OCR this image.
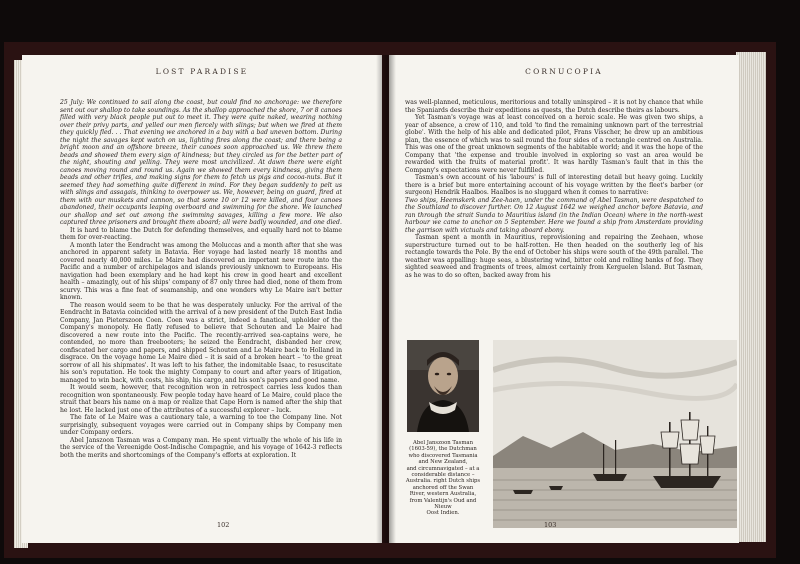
LOST PARADISE

25 July: We continued to sail along the coast, but could find no anchorage: we therefore sent out our shallop to take soundings. As the shallop approached the shore, 7 or 8 canoes filled with very black people put out to meet it. They were quite naked, wearing nothing over their privy parts, and yelled our men fiercely with slings; but when we fired at them they quickly fled. . . That evening we anchored in a bay with a bad uneven bottom. During the night the savages kept watch on us, lighting fires along the coast; and there being a bright moon and an offshore breeze, their canoes soon approached us. We threw them beads and showed them every sign of kindness; but they circled us for the better part of the night, shouting and yelling. They were most uncivilized. At dawn there were eight canoes moving round and round us. Again we showed them every kindness, giving them beads and other trifles, and making signs for them to fetch us pigs and cocoa-nuts. But it seemed they had something quite different in mind. For they began suddenly to pelt us with slings and assagais, thinking to overpower us. We, however, being on guard, fired at them with our muskets and cannon, so that some 10 or 12 were killed, and four canoes abandoned, their occupants leaping overboard and swimming for the shore. We launched our shallop and set out among the swimming savages, killing a few more. We also captured three prisoners and brought them aboard; all were badly wounded, and one died.

It is hard to blame the Dutch for defending themselves, and equally hard not to blame them for over-reacting.

A month later the Eendracht was among the Moluccas and a month after that she was anchored in apparent safety in Batavia. Her voyage had lasted nearly 18 months and covered nearly 40,000 miles. Le Maire had discovered an important new route into the Pacific and a number of archipelagos and islands previously unknown to Europeans. His navigation had been exemplary and he had kept his crew in good heart and excellent health – amazingly, out of his ships' company of 87 only three had died, none of them from scurvy. This was a fine feat of seamanship, and one wonders why Le Maire isn't better known.

The reason would seem to be that he was desperately unlucky. For the arrival of the Eendracht in Batavia coincided with the arrival of a new president of the Dutch East India Company, Jan Pieterszoon Coen. Coen was a strict, indeed a fanatical, upholder of the Company's monopoly. He flatly refused to believe that Schouten and Le Maire had discovered a new route into the Pacific. The recently-arrived sea-captains were, he contended, no more than freebooters; he seized the Eendracht, disbanded her crew, confiscated her cargo and papers, and shipped Schouten and Le Maire back to Holland in disgrace. On the voyage home Le Maire died – it is said of a broken heart – 'to the great sorrow of all his shipmates'. It was left to his father, the indomitable Isaac, to resuscitate his son's reputation. He took the mighty Company to court and after years of litigation, managed to win back, with costs, his ship, his cargo, and his son's papers and good name.

It would seem, however, that recognition won in retrospect carries less kudos than recognition won spontaneously. Few people today have heard of Le Maire, could place the strait that bears his name on a map or realize that Cape Horn is named after the ship that he lost. He lacked just one of the attributes of a successful explorer – luck.

The fate of Le Maire was a cautionary tale, a warning to toe the Company line. Not surprisingly, subsequent voyages were carried out in Company ships by Company men under Company orders.

Abel Janszoon Tasman was a Company man. He spent virtually the whole of his life in the service of the Vereenigde Oost-Indische Compagnie, and his voyage of 1642-3 reflects both the merits and shortcomings of the Company's efforts at exploration. It

102
CORNUCOPIA

was well-planned, meticulous, meritorious and totally uninspired – it is not by chance that while the Spaniards describe their expeditions as quests, the Dutch describe theirs as labours.

Yet Tasman's voyage was at least conceived on a heroic scale. He was given two ships, a year of absence, a crew of 110, and told 'to find the remaining unknown part of the terrestrial globe'. With the help of his able and dedicated pilot, Frans Visscher, he drew up an ambitious plan, the essence of which was to sail round the four sides of a rectangle centred on Australia. This was one of the great unknown segments of the habitable world; and it was the hope of the Company that 'the expense and trouble involved in exploring so vast an area would be rewarded with the fruits of material profit'. It was hardly Tasman's fault that in this the Company's expectations were never fulfilled.

Tasman's own account of his 'labours' is full of interesting detail but heavy going. Luckily there is a brief but more entertaining account of his voyage written by the fleet's barber (or surgeon) Hendrik Haalbos. Haalbos is no sluggard when it comes to narrative:

Two ships, Heemskerk and Zee-haen, under the command of Abel Tasman, were despatched to the Southland to discover further. On 12 August 1642 we weighed anchor before Batavia, and ran through the strait Sunda to Mauritius island (in the Indian Ocean) where in the north-west harbour we came to anchor on 5 September. Here we found a ship from Amsterdam providing the garrison with victuals and taking aboard ebony.

Tasman spent a month in Mauritius, reprovisioning and repairing the Zeehaen, whose superstructure turned out to be half-rotten. He then headed on the southerly leg of his rectangle towards the Pole. By the end of October his ships were south of the 49th parallel. The weather was appalling: huge seas, a blustering wind, bitter cold and rolling banks of fog. They sighted seaweed and fragments of trees, almost certainly from Kerguelen Island. But Tasman, as he was to do so often, backed away from his

Abel Janszoon Tasman
(1603-59), the Dutchman
who discovered Tasmania
and New Zealand,
and circumnavigated – at a
considerable distance –
Australia. right Dutch ships
anchored off the Swan
River, western Australia,
from Valentijn's Oud and Nieuw
Oost Indien.
103
